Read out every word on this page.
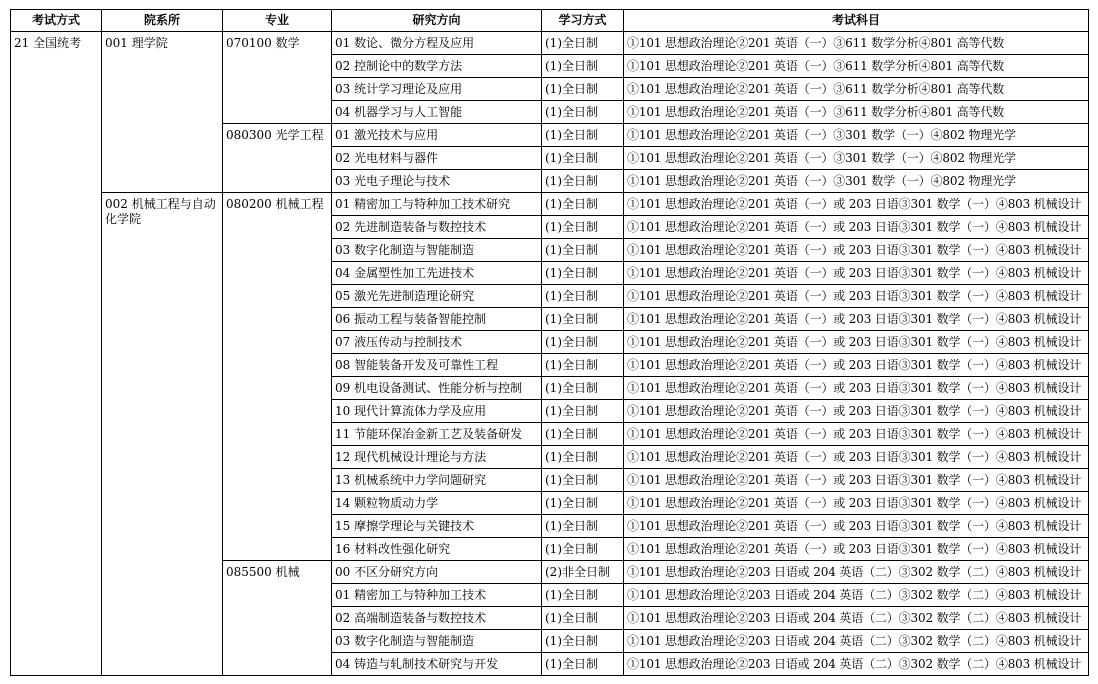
考试方式	院系所	专业	研究方向	学习方式	考试科目
21 全国统考	001 理学院	070100 数学	01 数论、微分方程及应用	(1)全日制	①101 思想政治理论②201 英语（一）③611 数学分析④801 高等代数
			02 控制论中的数学方法	(1)全日制	①101 思想政治理论②201 英语（一）③611 数学分析④801 高等代数
			03 统计学习理论及应用	(1)全日制	①101 思想政治理论②201 英语（一）③611 数学分析④801 高等代数
			04 机器学习与人工智能	(1)全日制	①101 思想政治理论②201 英语（一）③611 数学分析④801 高等代数
		080300 光学工程	01 激光技术与应用	(1)全日制	①101 思想政治理论②201 英语（一）③301 数学（一）④802 物理光学
			02 光电材料与器件	(1)全日制	①101 思想政治理论②201 英语（一）③301 数学（一）④802 物理光学
			03 光电子理论与技术	(1)全日制	①101 思想政治理论②201 英语（一）③301 数学（一）④802 物理光学
	002 机械工程与自动化学院	080200 机械工程	01 精密加工与特种加工技术研究	(1)全日制	①101 思想政治理论②201 英语（一）或 203 日语③301 数学（一）④803 机械设计
			02 先进制造装备与数控技术	(1)全日制	①101 思想政治理论②201 英语（一）或 203 日语③301 数学（一）④803 机械设计
			03 数字化制造与智能制造	(1)全日制	①101 思想政治理论②201 英语（一）或 203 日语③301 数学（一）④803 机械设计
			04 金属塑性加工先进技术	(1)全日制	①101 思想政治理论②201 英语（一）或 203 日语③301 数学（一）④803 机械设计
			05 激光先进制造理论研究	(1)全日制	①101 思想政治理论②201 英语（一）或 203 日语③301 数学（一）④803 机械设计
			06 振动工程与装备智能控制	(1)全日制	①101 思想政治理论②201 英语（一）或 203 日语③301 数学（一）④803 机械设计
			07 液压传动与控制技术	(1)全日制	①101 思想政治理论②201 英语（一）或 203 日语③301 数学（一）④803 机械设计
			08 智能装备开发及可靠性工程	(1)全日制	①101 思想政治理论②201 英语（一）或 203 日语③301 数学（一）④803 机械设计
			09 机电设备测试、性能分析与控制	(1)全日制	①101 思想政治理论②201 英语（一）或 203 日语③301 数学（一）④803 机械设计
			10 现代计算流体力学及应用	(1)全日制	①101 思想政治理论②201 英语（一）或 203 日语③301 数学（一）④803 机械设计
			11 节能环保冶金新工艺及装备研发	(1)全日制	①101 思想政治理论②201 英语（一）或 203 日语③301 数学（一）④803 机械设计
			12 现代机械设计理论与方法	(1)全日制	①101 思想政治理论②201 英语（一）或 203 日语③301 数学（一）④803 机械设计
			13 机械系统中力学问题研究	(1)全日制	①101 思想政治理论②201 英语（一）或 203 日语③301 数学（一）④803 机械设计
			14 颗粒物质动力学	(1)全日制	①101 思想政治理论②201 英语（一）或 203 日语③301 数学（一）④803 机械设计
			15 摩擦学理论与关键技术	(1)全日制	①101 思想政治理论②201 英语（一）或 203 日语③301 数学（一）④803 机械设计
			16 材料改性强化研究	(1)全日制	①101 思想政治理论②201 英语（一）或 203 日语③301 数学（一）④803 机械设计
		085500 机械	00 不区分研究方向	(2)非全日制	①101 思想政治理论②203 日语或 204 英语（二）③302 数学（二）④803 机械设计
			01 精密加工与特种加工技术	(1)全日制	①101 思想政治理论②203 日语或 204 英语（二）③302 数学（二）④803 机械设计
			02 高端制造装备与数控技术	(1)全日制	①101 思想政治理论②203 日语或 204 英语（二）③302 数学（二）④803 机械设计
			03 数字化制造与智能制造	(1)全日制	①101 思想政治理论②203 日语或 204 英语（二）③302 数学（二）④803 机械设计
			04 铸造与轧制技术研究与开发	(1)全日制	①101 思想政治理论②203 日语或 204 英语（二）③302 数学（二）④803 机械设计
